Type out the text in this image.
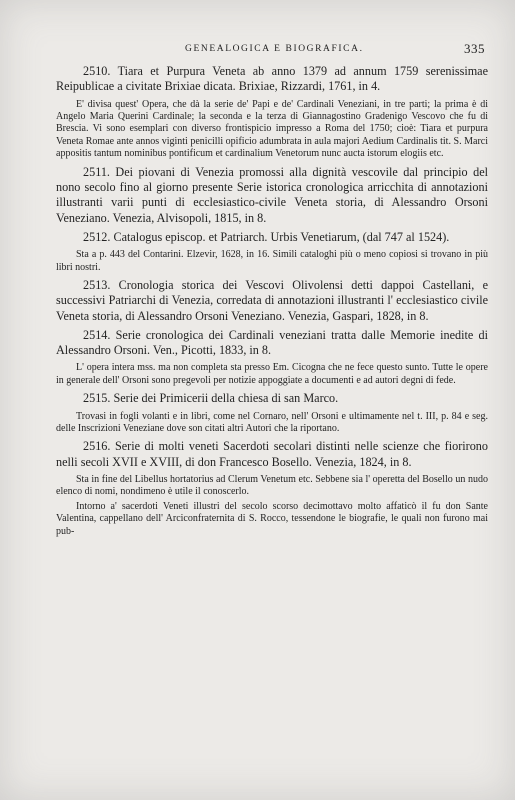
GENEALOGICA E BIOGRAFICA.	335

2510. Tiara et Purpura Veneta ab anno 1379 ad annum 1759 serenissimae Reipublicae a civitate Brixiae dicata. Brixiae, Rizzardi, 1761, in 4.

E' divisa quest' Opera, che dà la serie de' Papi e de' Cardinali Veneziani, in tre parti; la prima è di Angelo Maria Querini Cardinale; la seconda e la terza di Giannagostino Gradenigo Vescovo che fu di Brescia. Vi sono esemplari con diverso frontispicio impresso a Roma del 1750; cioè: Tiara et purpura Veneta Romae ante annos viginti penicilli opificio adumbrata in aula majori Aedium Cardinalis tit. S. Marci appositis tantum nominibus pontificum et cardinalium Venetorum nunc aucta istorum elogiis etc.

2511. Dei piovani di Venezia promossi alla dignità vescovile dal principio del nono secolo fino al giorno presente Serie istorica cronologica arricchita di annotazioni illustranti varii punti di ecclesiastico-civile Veneta storia, di Alessandro Orsoni Veneziano. Venezia, Alvisopoli, 1815, in 8.

2512. Catalogus episcop. et Patriarch. Urbis Venetiarum, (dal 747 al 1524).

Sta a p. 443 del Contarini. Elzevir, 1628, in 16. Simili cataloghi più o meno copiosi si trovano in più libri nostri.

2513. Cronologia storica dei Vescovi Olivolensi detti dappoi Castellani, e successivi Patriarchi di Venezia, corredata di annotazioni illustranti l' ecclesiastico civile Veneta storia, di Alessandro Orsoni Veneziano. Venezia, Gaspari, 1828, in 8.

2514. Serie cronologica dei Cardinali veneziani tratta dalle Memorie inedite di Alessandro Orsoni. Ven., Picotti, 1833, in 8.

L' opera intera mss. ma non completa sta presso Em. Cicogna che ne fece questo sunto. Tutte le opere in generale dell' Orsoni sono pregevoli per notizie appoggiate a documenti e ad autori degni di fede.

2515. Serie dei Primicerii della chiesa di san Marco.

Trovasi in fogli volanti e in libri, come nel Cornaro, nell' Orsoni e ultimamente nel t. III, p. 84 e seg. delle Inscrizioni Veneziane dove son citati altri Autori che la riportano.

2516. Serie di molti veneti Sacerdoti secolari distinti nelle scienze che fiorirono nelli secoli XVII e XVIII, di don Francesco Bosello. Venezia, 1824, in 8.

Sta in fine del Libellus hortatorius ad Clerum Venetum etc. Sebbene sia l' operetta del Bosello un nudo elenco di nomi, nondimeno è utile il conoscerlo.

Intorno a' sacerdoti Veneti illustri del secolo scorso decimottavo molto affaticò il fu don Sante Valentina, cappellano dell' Arciconfraternita di S. Rocco, tessendone le biografie, le quali non furono mai pub-
